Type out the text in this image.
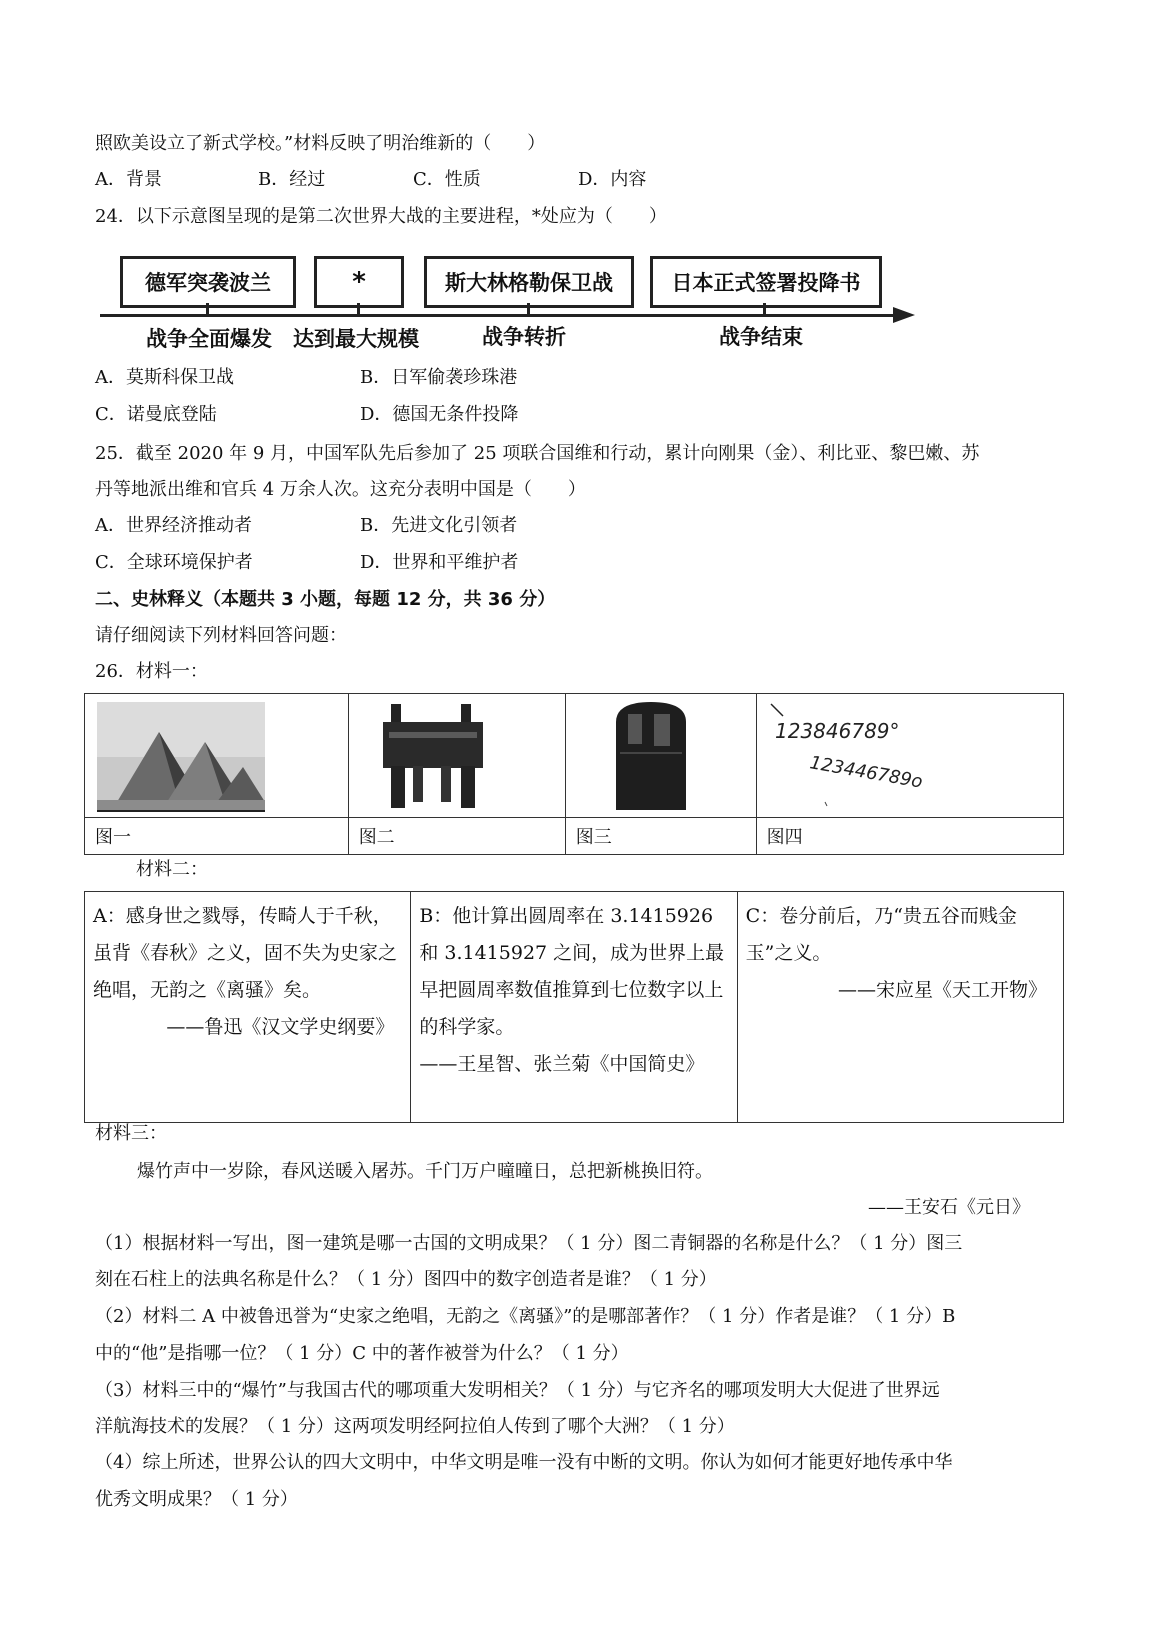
照欧美设立了新式学校。”材料反映了明治维新的（　　）
A．背景	B．经过	C．性质	D．内容
24．以下示意图呈现的是第二次世界大战的主要进程，*处应为（　　）
德军突袭波兰	*	斯大林格勒保卫战	日本正式签署投降书
战争全面爆发 达到最大规模	战争转折	战争结束
A．莫斯科保卫战	B．日军偷袭珍珠港
C．诺曼底登陆	D．德国无条件投降
25．截至 2020 年 9 月，中国军队先后参加了 25 项联合国维和行动，累计向刚果（金）、利比亚、黎巴嫩、苏
丹等地派出维和官兵 4 万余人次。这充分表明中国是（　　）
A．世界经济推动者	B．先进文化引领者
C．全球环境保护者	D．世界和平维护者
二、史林释义（本题共 3 小题，每题 12 分，共 36 分）
请仔细阅读下列材料回答问题：
26．材料一：

123846789°
123446789o

图一	图二	图三	图四
材料二：
A：感身世之戮辱，传畸人于千秋，虽背《春秋》之义，固不失为史家之绝唱，无韵之《离骚》矣。
——鲁迅《汉文学史纲要》

B：他计算出圆周率在 3.1415926 和 3.1415927 之间，成为世界上最早把圆周率数值推算到七位数字以上的科学家。
——王星智、张兰菊《中国简史》

C：卷分前后，乃“贵五谷而贱金玉”之义。
——宋应星《天工开物》
材料三：
爆竹声中一岁除，春风送暖入屠苏。千门万户曈曈日，总把新桃换旧符。
——王安石《元日》
（1）根据材料一写出，图一建筑是哪一古国的文明成果？（ 1 分）图二青铜器的名称是什么？（ 1 分）图三
刻在石柱上的法典名称是什么？（ 1 分）图四中的数字创造者是谁？（ 1 分）
（2）材料二 A 中被鲁迅誉为“史家之绝唱，无韵之《离骚》”的是哪部著作？（ 1 分）作者是谁？（ 1 分）B
中的“他”是指哪一位？（ 1 分）C 中的著作被誉为什么？（ 1 分）
（3）材料三中的“爆竹”与我国古代的哪项重大发明相关？（ 1 分）与它齐名的哪项发明大大促进了世界远
洋航海技术的发展？（ 1 分）这两项发明经阿拉伯人传到了哪个大洲？（ 1 分）
（4）综上所述，世界公认的四大文明中，中华文明是唯一没有中断的文明。你认为如何才能更好地传承中华
优秀文明成果？（ 1 分）
